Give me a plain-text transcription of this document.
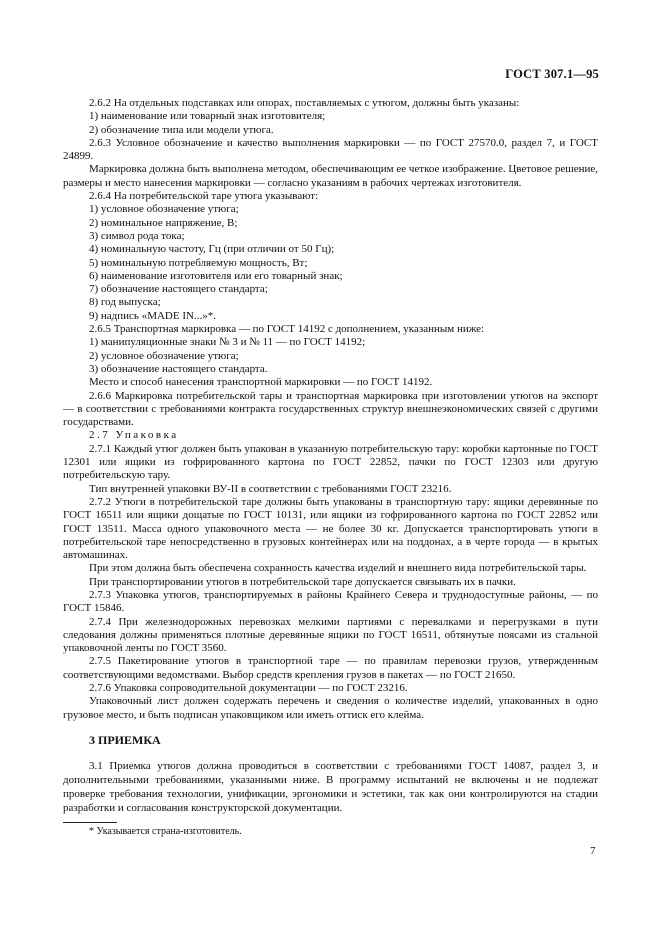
ГОСТ 307.1—95

2.6.2 На отдельных подставках или опорах, поставляемых с утюгом, должны быть указаны:

1) наименование или товарный знак изготовителя;

2) обозначение типа или модели утюга.

2.6.3 Условное обозначение и качество выполнения маркировки — по ГОСТ 27570.0, раздел 7, и ГОСТ 24899.

Маркировка должна быть выполнена методом, обеспечивающим ее четкое изображение. Цветовое решение, размеры и место нанесения маркировки — согласно указаниям в рабочих чертежах изготовителя.

2.6.4 На потребительской таре утюга указывают:

1) условное обозначение утюга;

2) номинальное напряжение, В;

3) символ рода тока;

4) номинальную частоту, Гц (при отличии от 50 Гц);

5) номинальную потребляемую мощность, Вт;

6) наименование изготовителя или его товарный знак;

7) обозначение настоящего стандарта;

8) год выпуска;

9) надпись «MADE IN...»*.

2.6.5 Транспортная маркировка — по ГОСТ 14192 с дополнением, указанным ниже:

1) манипуляционные знаки № 3 и № 11 — по ГОСТ 14192;

2) условное обозначение утюга;

3) обозначение настоящего стандарта.

Место и способ нанесения транспортной маркировки — по ГОСТ 14192.

2.6.6 Маркировка потребительской тары и транспортная маркировка при изготовлении утюгов на экспорт — в соответствии с требованиями контракта государственных структур внешнеэкономических связей с другими государствами.

2.7 Упаковка

2.7.1 Каждый утюг должен быть упакован в указанную потребительскую тару: коробки картонные по ГОСТ 12301 или ящики из гофрированного картона по ГОСТ 22852, пачки по ГОСТ 12303 или другую потребительскую тару.

Тип внутренней упаковки ВУ-II в соответствии с требованиями ГОСТ 23216.

2.7.2 Утюги в потребительской таре должны быть упакованы в транспортную тару: ящики деревянные по ГОСТ 16511 или ящики дощатые по ГОСТ 10131, или ящики из гофрированного картона по ГОСТ 22852 или ГОСТ 13511. Масса одного упаковочного места — не более 30 кг. Допускается транспортировать утюги в потребительской таре непосредственно в грузовых контейнерах или на поддонах, а в черте города — в крытых автомашинах.

При этом должна быть обеспечена сохранность качества изделий и внешнего вида потребительской тары.

При транспортировании утюгов в потребительской таре допускается связывать их в пачки.

2.7.3 Упаковка утюгов, транспортируемых в районы Крайнего Севера и труднодоступные районы, — по ГОСТ 15846.

2.7.4 При железнодорожных перевозках мелкими партиями с перевалками и перегрузками в пути следования должны применяться плотные деревянные ящики по ГОСТ 16511, обтянутые поясами из стальной упаковочной ленты по ГОСТ 3560.

2.7.5 Пакетирование утюгов в транспортной таре — по правилам перевозки грузов, утвержденным соответствующими ведомствами. Выбор средств крепления грузов в пакетах — по ГОСТ 21650.

2.7.6 Упаковка сопроводительной документации — по ГОСТ 23216.

Упаковочный лист должен содержать перечень и сведения о количестве изделий, упакованных в одно грузовое место, и быть подписан упаковщиком или иметь оттиск его клейма.

3 ПРИЕМКА

3.1 Приемка утюгов должна проводиться в соответствии с требованиями ГОСТ 14087, раздел 3, и дополнительными требованиями, указанными ниже. В программу испытаний не включены и не подлежат проверке требования технологии, унификации, эргономики и эстетики, так как они контролируются на стадии разработки и согласования конструкторской документации.

* Указывается страна-изготовитель.
7
